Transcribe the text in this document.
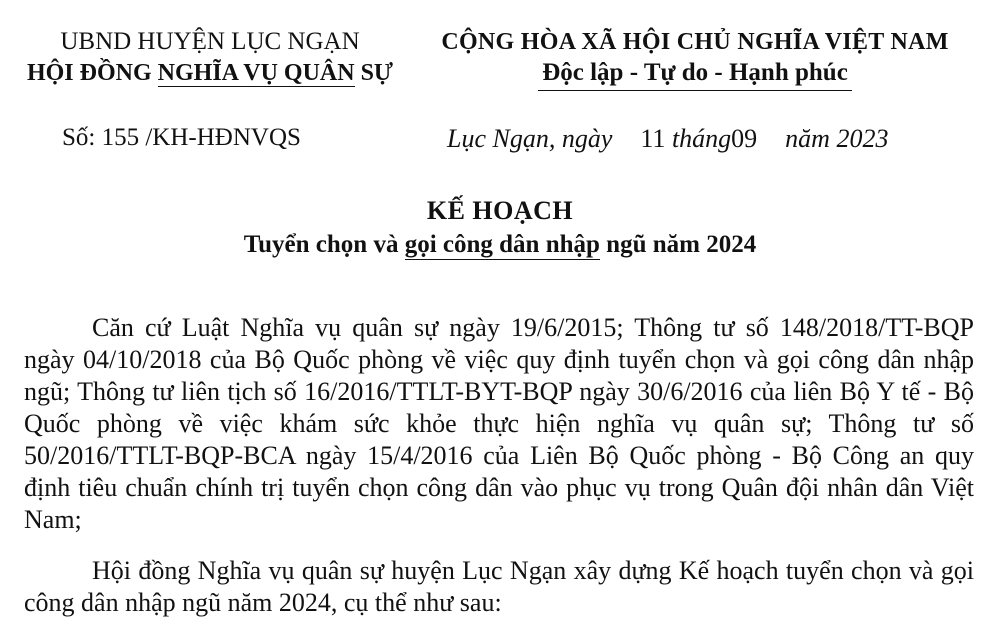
UBND HUYỆN LỤC NGẠN
HỘI ĐỒNG NGHĨA VỤ QUÂN SỰ
CỘNG HÒA XÃ HỘI CHỦ NGHĨA VIỆT NAM
Độc lập - Tự do - Hạnh phúc
Số: 155 /KH-HĐNVQS	Lục Ngạn, ngày 11 tháng09 năm 2023
KẾ HOẠCH
Tuyển chọn và gọi công dân nhập ngũ năm 2024
Căn cứ Luật Nghĩa vụ quân sự ngày 19/6/2015; Thông tư số 148/2018/TT-BQP ngày 04/10/2018 của Bộ Quốc phòng về việc quy định tuyển chọn và gọi công dân nhập ngũ; Thông tư liên tịch số 16/2016/TTLT-BYT-BQP ngày 30/6/2016 của liên Bộ Y tế - Bộ Quốc phòng về việc khám sức khỏe thực hiện nghĩa vụ quân sự; Thông tư số 50/2016/TTLT-BQP-BCA ngày 15/4/2016 của Liên Bộ Quốc phòng - Bộ Công an quy định tiêu chuẩn chính trị tuyển chọn công dân vào phục vụ trong Quân đội nhân dân Việt Nam;
Hội đồng Nghĩa vụ quân sự huyện Lục Ngạn xây dựng Kế hoạch tuyển chọn và gọi công dân nhập ngũ năm 2024, cụ thể như sau:
